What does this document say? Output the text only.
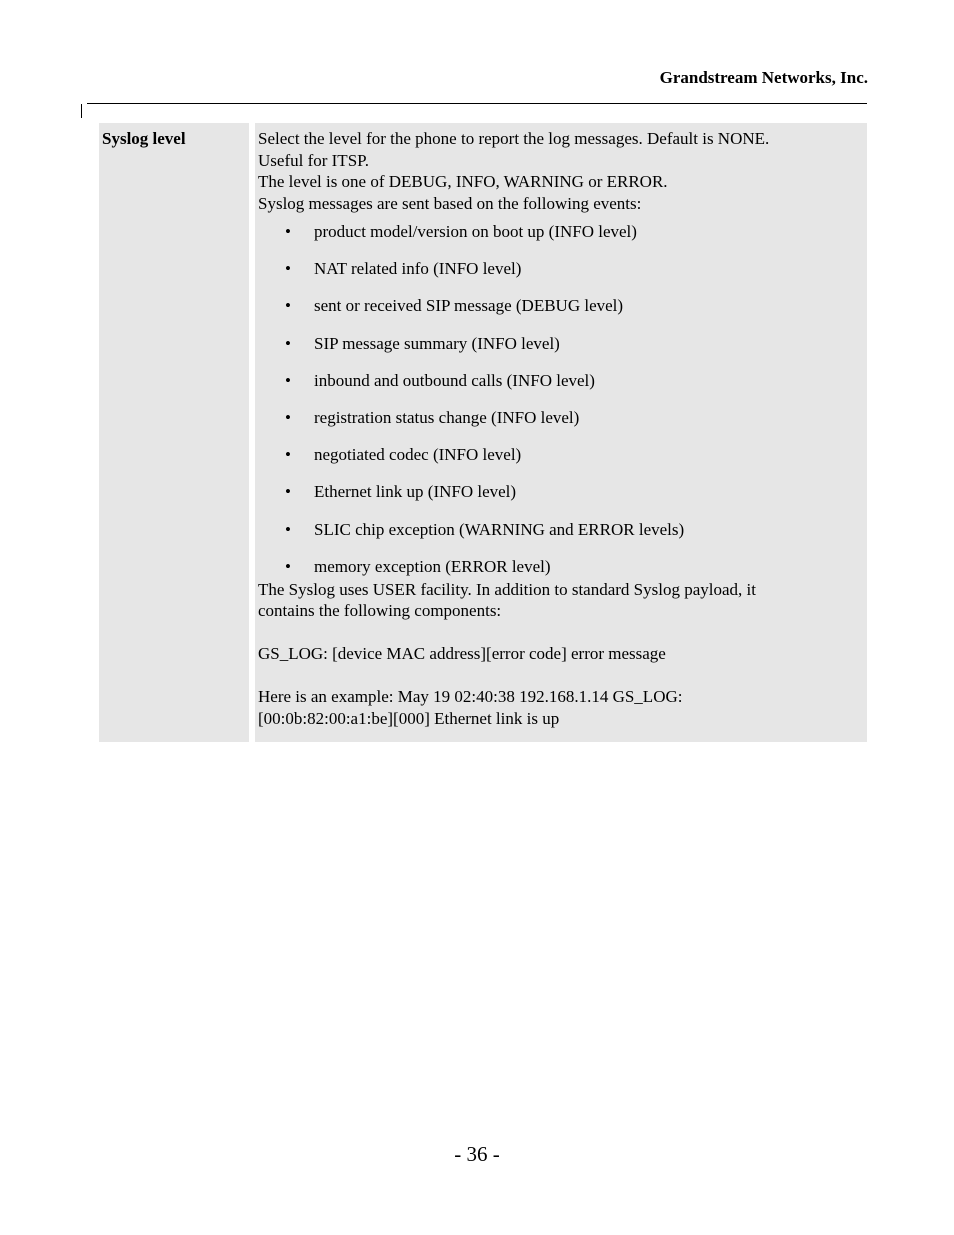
Grandstream Networks, Inc.
Syslog level	Select the level for the phone to report the log messages. Default is NONE.
Useful for ITSP.
The level is one of DEBUG, INFO, WARNING or ERROR.
Syslog messages are sent based on the following events:
• product model/version on boot up (INFO level)
• NAT related info (INFO level)
• sent or received SIP message (DEBUG level)
• SIP message summary (INFO level)
• inbound and outbound calls (INFO level)
• registration status change (INFO level)
• negotiated codec (INFO level)
• Ethernet link up (INFO level)
• SLIC chip exception (WARNING and ERROR levels)
• memory exception (ERROR level)
The Syslog uses USER facility. In addition to standard Syslog payload, it
contains the following components:
GS_LOG: [device MAC address][error code] error message
Here is an example: May 19 02:40:38 192.168.1.14 GS_LOG:
[00:0b:82:00:a1:be][000] Ethernet link is up
- 36 -
